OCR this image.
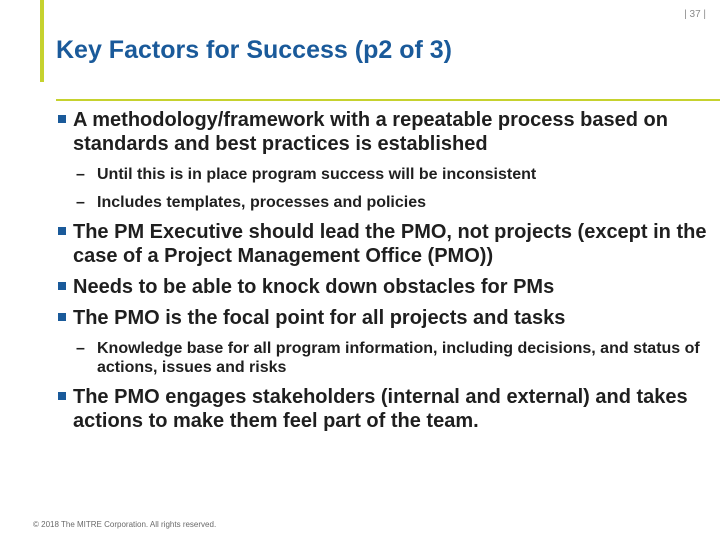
| 37 |
Key Factors for Success (p2 of 3)

A methodology/framework with a repeatable process based on standards and best practices is established

– Until this is in place program success will be inconsistent

– Includes templates, processes and policies

The PM Executive should lead the PMO, not projects (except in the case of a Project Management Office (PMO))

Needs to be able to knock down obstacles for PMs

The PMO is the focal point for all projects and tasks

– Knowledge base for all program information, including decisions, and status of actions, issues and risks

The PMO engages stakeholders (internal and external) and takes actions to make them feel part of the team.

© 2018 The MITRE Corporation. All rights reserved.
